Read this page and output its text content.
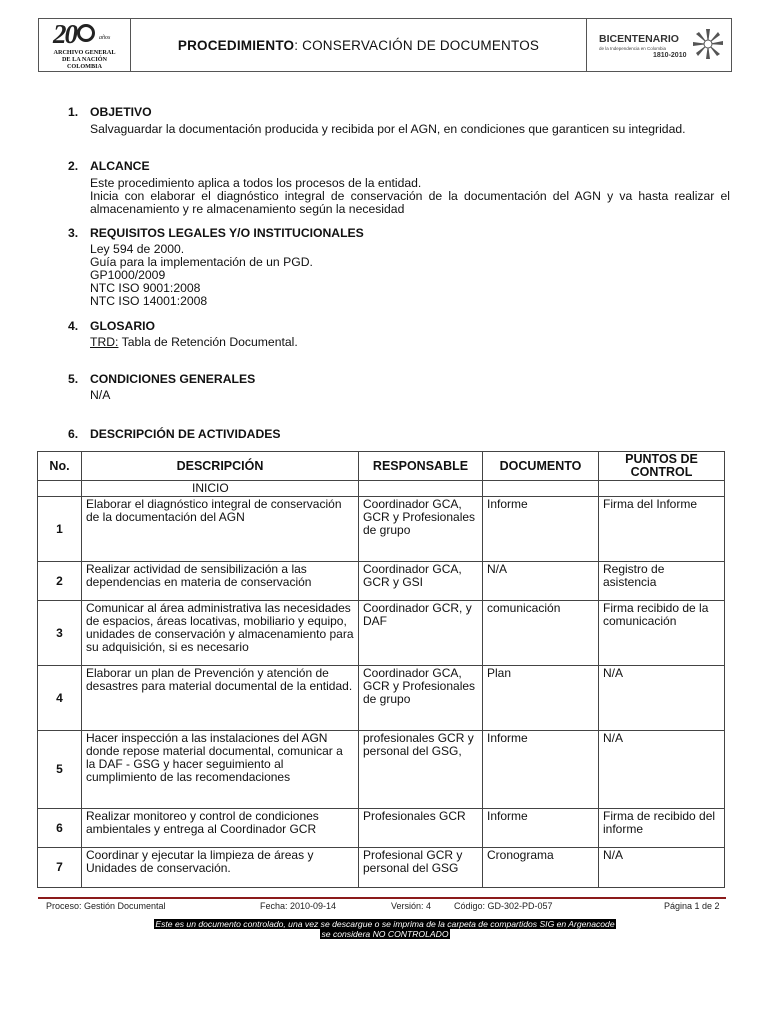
20	años
ARCHIVO GENERAL
DE LA NACIÓN
COLOMBIA
PROCEDIMIENTO : CONSERVACIÓN DE DOCUMENTOS	BICENTENARIO
de la Independencia en Colombia
1810-2010
1. OBJETIVO
Salvaguardar la documentación producida y recibida por el AGN, en condiciones que garanticen su integridad.
2. ALCANCE

Este procedimiento aplica a todos los procesos de la entidad.

Inicia con elaborar el diagnóstico integral de conservación de la documentación del AGN y va hasta realizar el almacenamiento y re almacenamiento según la necesidad

3. REQUISITOS LEGALES Y/O INSTITUCIONALES

Ley 594 de 2000.

Guía para la implementación de un PGD.

GP1000/2009

NTC ISO 9001:2008

NTC ISO 14001:2008

4. GLOSARIO
TRD: Tabla de Retención Documental.
5. CONDICIONES GENERALES
N/A
6. DESCRIPCIÓN DE ACTIVIDADES
No.	DESCRIPCIÓN	RESPONSABLE	DOCUMENTO	PUNTOS DE CONTROL
	INICIO			
1	Elaborar el diagnóstico integral de conservación de la documentación del AGN	Coordinador GCA, GCR y Profesionales de grupo	Informe	Firma del Informe
2	Realizar actividad de sensibilización a las dependencias en materia de conservación	Coordinador GCA, GCR y GSI	N/A	Registro de asistencia
3	Comunicar al área administrativa las necesidades de espacios, áreas locativas, mobiliario y equipo, unidades de conservación y almacenamiento para su adquisición, si es necesario	Coordinador GCR, y DAF	comunicación	Firma recibido de la comunicación
4	Elaborar un plan de Prevención y atención de desastres para material documental de la entidad.	Coordinador GCA, GCR y Profesionales de grupo	Plan	N/A
5	Hacer inspección a las instalaciones del AGN donde repose material documental, comunicar a la DAF - GSG y hacer seguimiento al cumplimiento de las recomendaciones	profesionales GCR y personal del GSG,	Informe	N/A
6	Realizar monitoreo y control de condiciones ambientales y entrega al Coordinador GCR	Profesionales GCR	Informe	Firma de recibido del informe
7	Coordinar y ejecutar la limpieza de áreas y Unidades de conservación.	Profesional GCR y personal del GSG	Cronograma	N/A
Proceso: Gestión Documental	Fecha: 2010-09-14	Versión: 4	Código: GD-302-PD-057	Página 1 de 2
Este es un documento controlado, una vez se descargue o se imprima de la carpeta de compartidos SIG en Argenacode
se considera NO CONTROLADO
